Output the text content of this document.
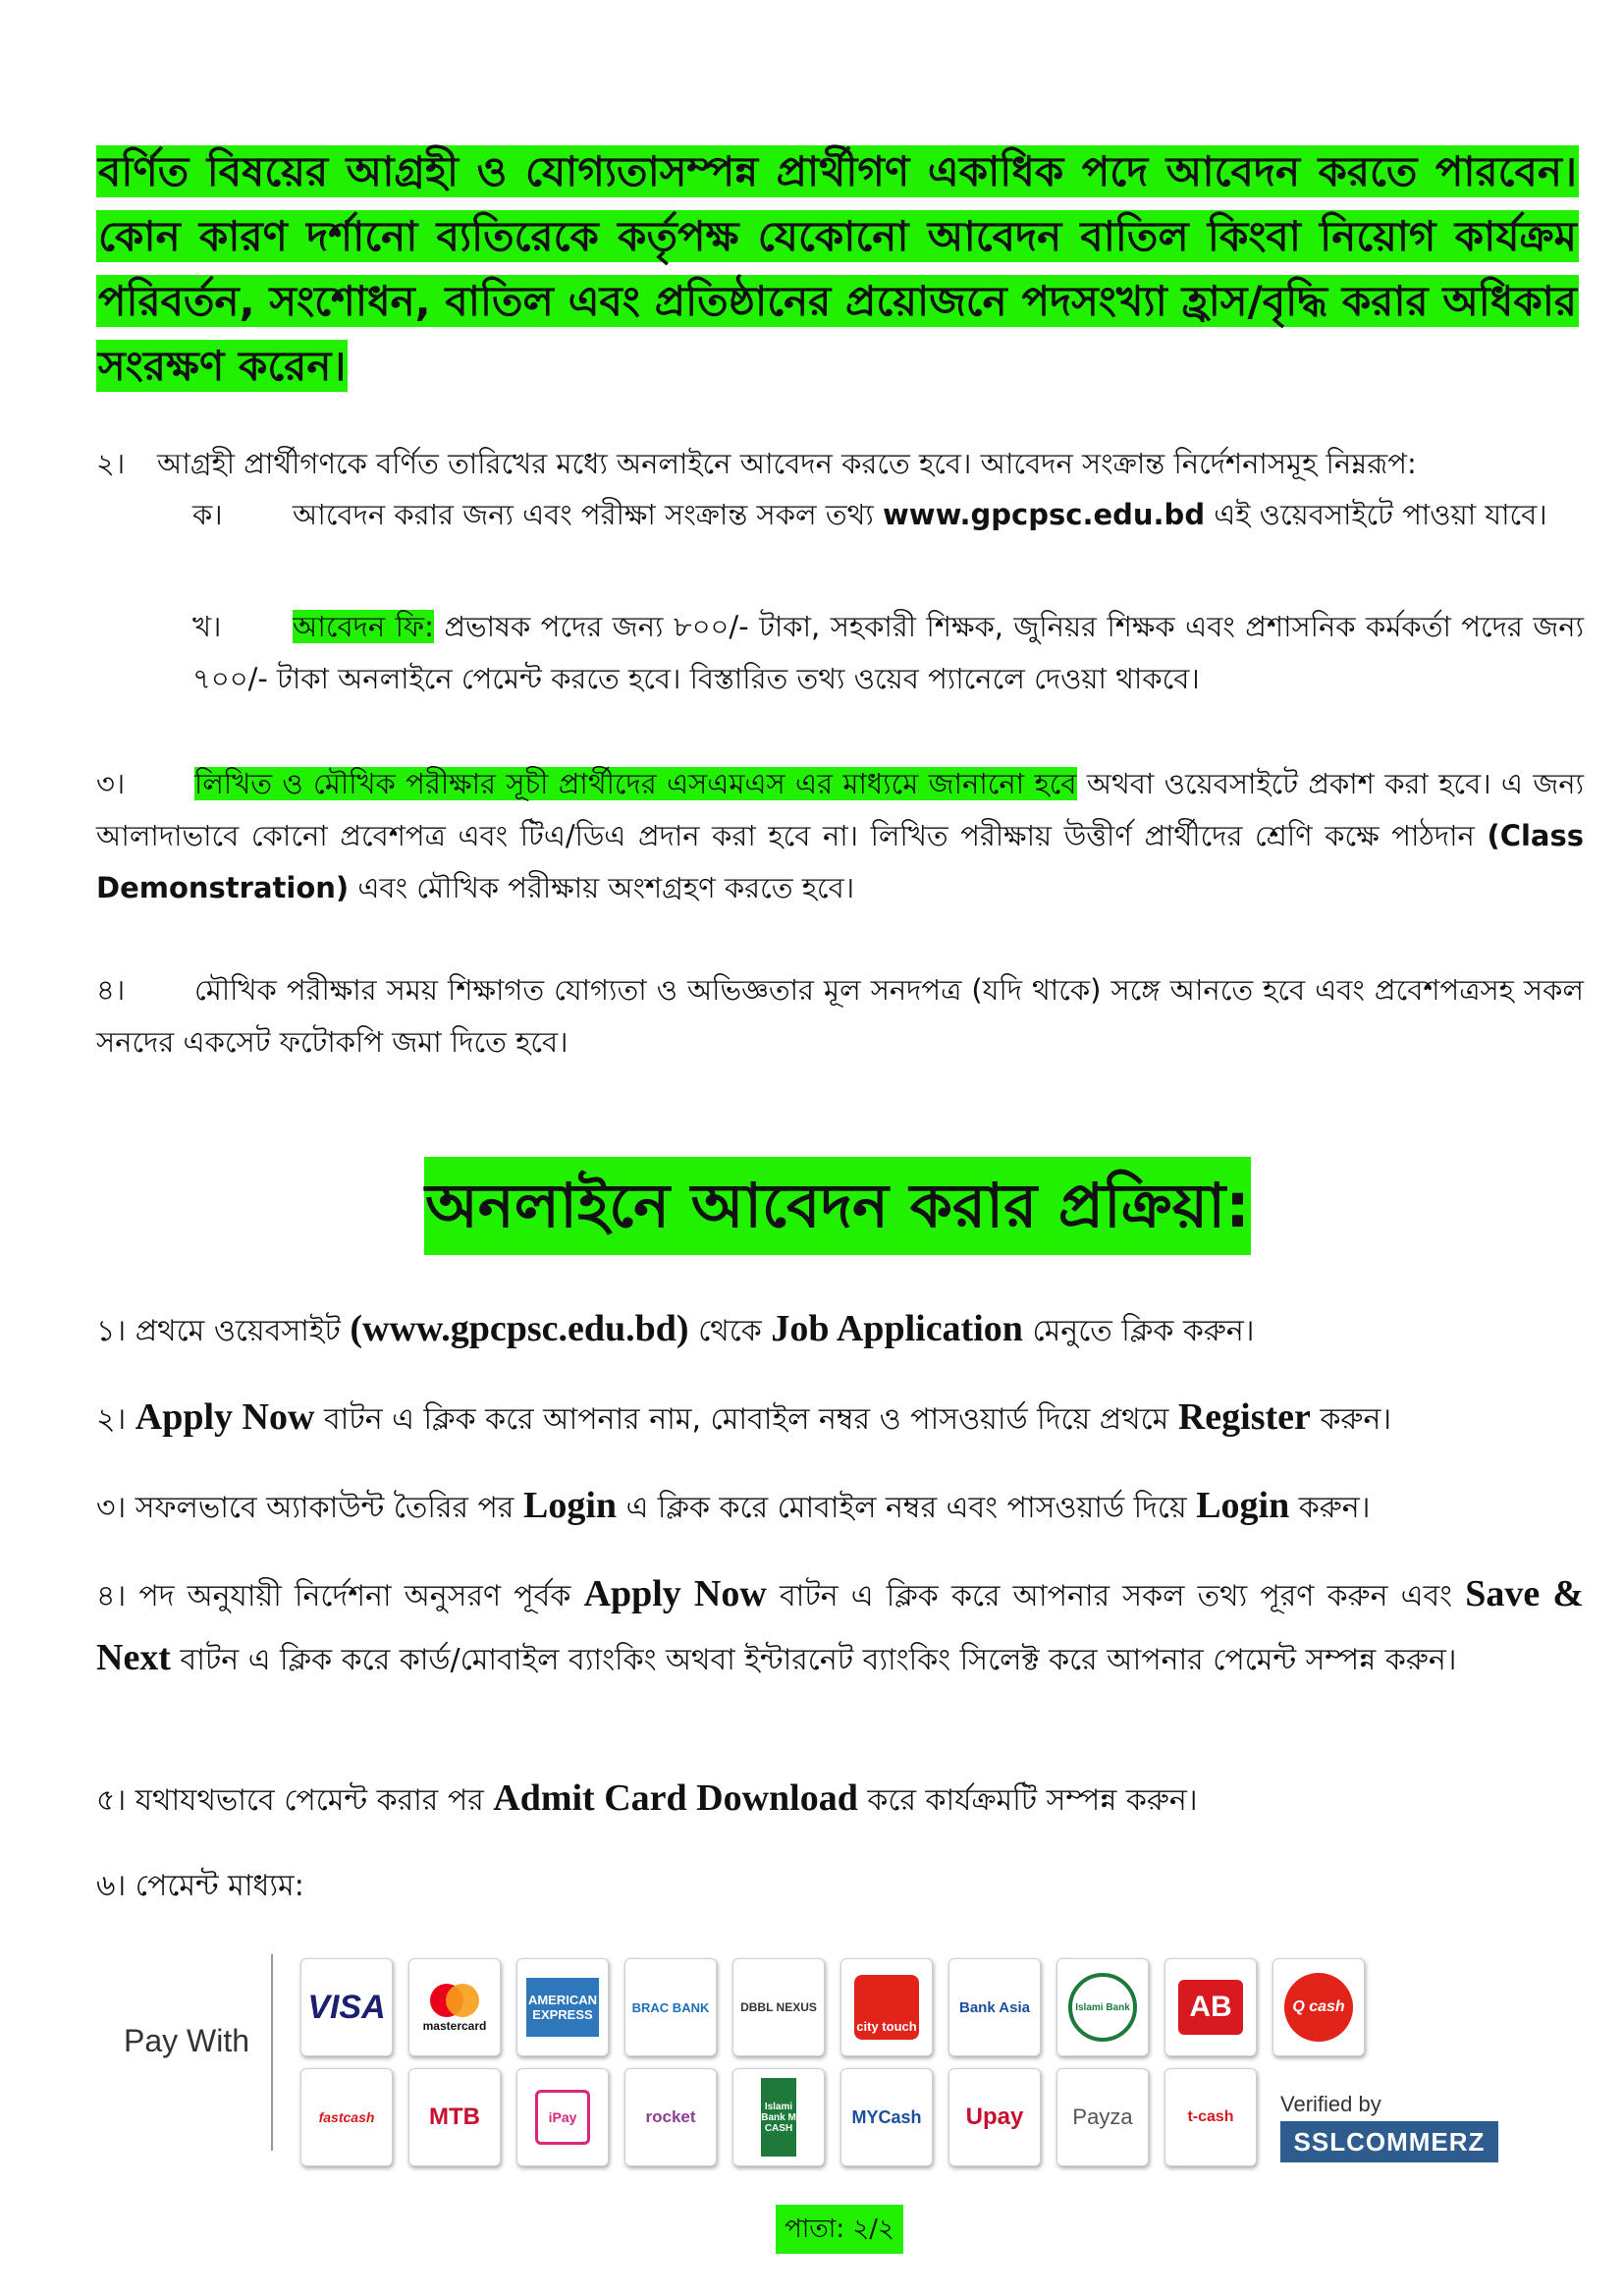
বর্ণিত বিষয়ের আগ্রহী ও যোগ্যতাসম্পন্ন প্রার্থীগণ একাধিক পদে আবেদন করতে পারবেন। কোন কারণ দর্শানো ব্যতিরেকে কর্তৃপক্ষ যেকোনো আবেদন বাতিল কিংবা নিয়োগ কার্যক্রম পরিবর্তন, সংশোধন, বাতিল এবং প্রতিষ্ঠানের প্রয়োজনে পদসংখ্যা হ্রাস/বৃদ্ধি করার অধিকার সংরক্ষণ করেন।
২। আগ্রহী প্রার্থীগণকে বর্ণিত তারিখের মধ্যে অনলাইনে আবেদন করতে হবে। আবেদন সংক্রান্ত নির্দেশনাসমূহ নিম্নরূপ:
ক। আবেদন করার জন্য এবং পরীক্ষা সংক্রান্ত সকল তথ্য www.gpcpsc.edu.bd এই ওয়েবসাইটে পাওয়া যাবে।
খ।	আবেদন ফি: প্রভাষক পদের জন্য ৮০০/- টাকা, সহকারী শিক্ষক, জুনিয়র শিক্ষক এবং প্রশাসনিক কর্মকর্তা পদের জন্য ৭০০/- টাকা অনলাইনে পেমেন্ট করতে হবে। বিস্তারিত তথ্য ওয়েব প্যানেলে দেওয়া থাকবে।
৩। লিখিত ও মৌখিক পরীক্ষার সূচী প্রার্থীদের এসএমএস এর মাধ্যমে জানানো হবে অথবা ওয়েবসাইটে প্রকাশ করা হবে। এ জন্য আলাদাভাবে কোনো প্রবেশপত্র এবং টিএ/ডিএ প্রদান করা হবে না। লিখিত পরীক্ষায় উত্তীর্ণ প্রার্থীদের শ্রেণি কক্ষে পাঠদান (Class Demonstration) এবং মৌখিক পরীক্ষায় অংশগ্রহণ করতে হবে।
৪। মৌখিক পরীক্ষার সময় শিক্ষাগত যোগ্যতা ও অভিজ্ঞতার মূল সনদপত্র (যদি থাকে) সঙ্গে আনতে হবে এবং প্রবেশপত্রসহ সকল সনদের একসেট ফটোকপি জমা দিতে হবে।
অনলাইনে আবেদন করার প্রক্রিয়া:
১। প্রথমে ওয়েবসাইট (www.gpcpsc.edu.bd) থেকে Job Application মেনুতে ক্লিক করুন।
২। Apply Now বাটন এ ক্লিক করে আপনার নাম, মোবাইল নম্বর ও পাসওয়ার্ড দিয়ে প্রথমে Register করুন।
৩। সফলভাবে অ্যাকাউন্ট তৈরির পর Login এ ক্লিক করে মোবাইল নম্বর এবং পাসওয়ার্ড দিয়ে Login করুন।
৪। পদ অনুযায়ী নির্দেশনা অনুসরণ পূর্বক Apply Now বাটন এ ক্লিক করে আপনার সকল তথ্য পূরণ করুন এবং Save & Next বাটন এ ক্লিক করে কার্ড/মোবাইল ব্যাংকিং অথবা ইন্টারনেট ব্যাংকিং সিলেক্ট করে আপনার পেমেন্ট সম্পন্ন করুন।
৫। যথাযথভাবে পেমেন্ট করার পর Admit Card Download করে কার্যক্রমটি সম্পন্ন করুন।
৬। পেমেন্ট মাধ্যম:
Pay With
VISA
mastercard
AMERICAN EXPRESS	BRAC BANK	DBBL NEXUS
city touch
Bank Asia	Islami Bank	AB	Q cash
fastcash	MTB	iPay	rocket
Islami Bank M CASH
MYCash	Upay	Payza	t-cash
Verified by
SSLCOMMERZ
পাতা: ২/২
